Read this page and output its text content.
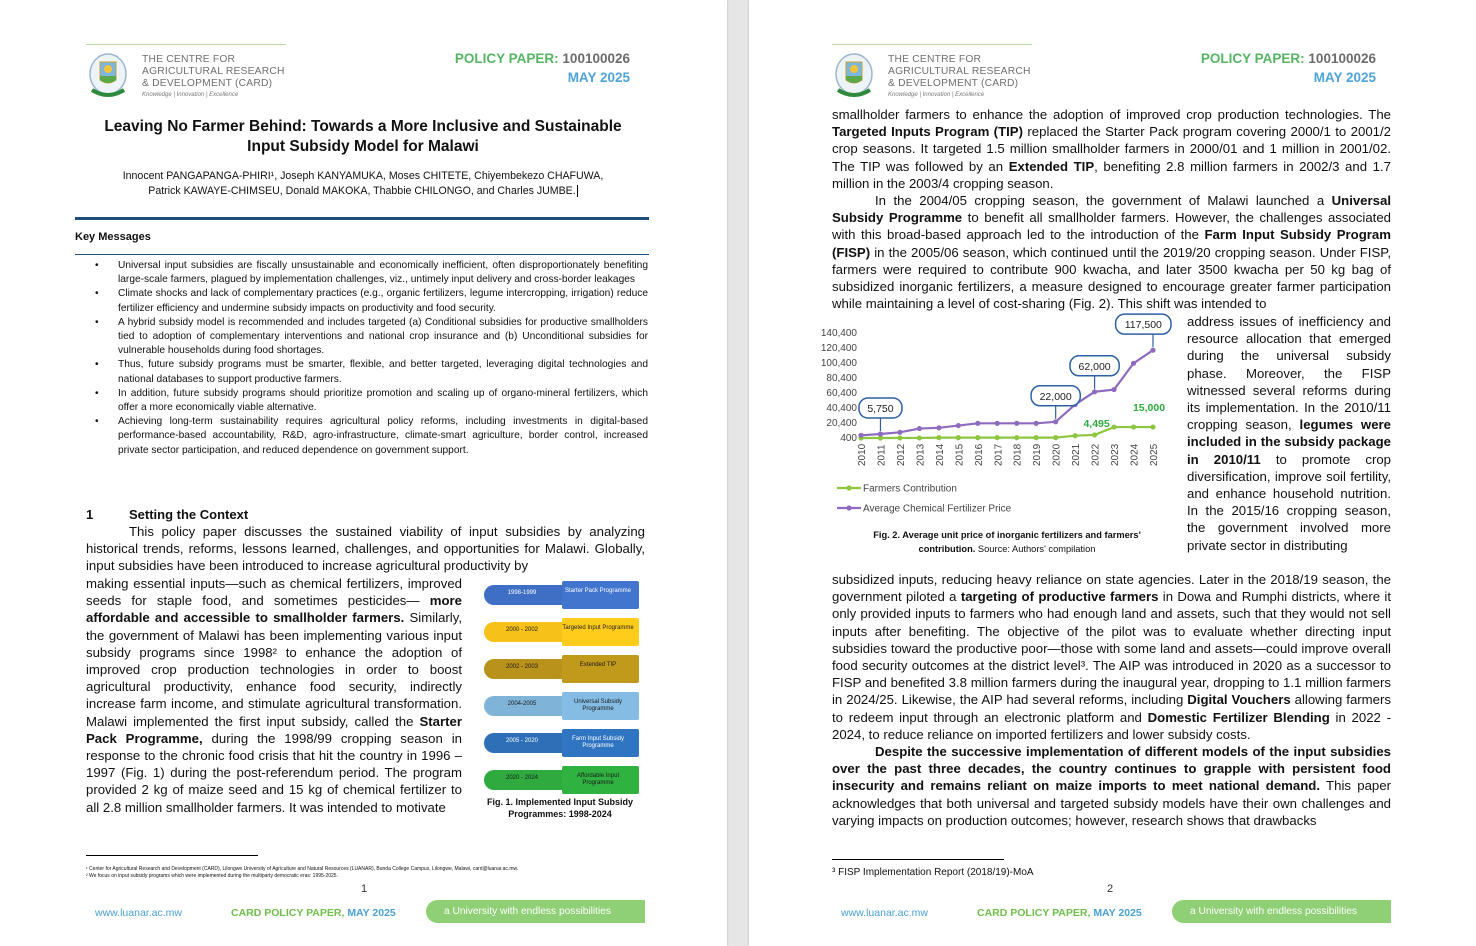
THE CENTRE FOR
AGRICULTURAL RESEARCH
& DEVELOPMENT (CARD)
Knowledge | Innovation | Excellence
POLICY PAPER: 100100026
MAY 2025
Leaving No Farmer Behind: Towards a More Inclusive and Sustainable
Input Subsidy Model for Malawi
Innocent PANGAPANGA-PHIRI¹, Joseph KANYAMUKA, Moses CHITETE, Chiyembekezo CHAFUWA,
Patrick KAWAYE-CHIMSEU, Donald MAKOKA, Thabbie CHILONGO, and Charles JUMBE.
Key Messages
•	Universal input subsidies are fiscally unsustainable and economically inefficient, often disproportionately benefiting large-scale farmers, plagued by implementation challenges, viz., untimely input delivery and cross-border leakages
•	Climate shocks and lack of complementary practices (e.g., organic fertilizers, legume intercropping, irrigation) reduce fertilizer efficiency and undermine subsidy impacts on productivity and food security.
•	A hybrid subsidy model is recommended and includes targeted (a) Conditional subsidies for productive smallholders tied to adoption of complementary interventions and national crop insurance and (b) Unconditional subsidies for vulnerable households during food shortages.
•	Thus, future subsidy programs must be smarter, flexible, and better targeted, leveraging digital technologies and national databases to support productive farmers.
•	In addition, future subsidy programs should prioritize promotion and scaling up of organo-mineral fertilizers, which offer a more economically viable alternative.
•	Achieving long-term sustainability requires agricultural policy reforms, including investments in digital-based performance-based accountability, R&D, agro-infrastructure, climate-smart agriculture, border control, increased private sector participation, and reduced dependence on government support.
1	Setting the Context
This policy paper discusses the sustained viability of input subsidies by analyzing historical trends, reforms, lessons learned, challenges, and opportunities for Malawi. Globally, input subsidies have been introduced to increase agricultural productivity by
making essential inputs—such as chemical fertilizers, improved seeds for staple food, and sometimes pesticides— more affordable and accessible to smallholder farmers. Similarly, the government of Malawi has been implementing various input subsidy programs since 1998² to enhance the adoption of improved crop production technologies in order to boost agricultural productivity, enhance food security, indirectly increase farm income, and stimulate agricultural transformation. Malawi implemented the first input subsidy, called the Starter Pack Programme, during the 1998/99 cropping season in response to the chronic food crisis that hit the country in 1996 – 1997 (Fig. 1) during the post-referendum period. The program provided 2 kg of maize seed and 15 kg of chemical fertilizer to all 2.8 million smallholder farmers. It was intended to motivate
1998-1999	Starter Pack Programme
2000 - 2002	Targeted Input Programme
2002 - 2003	Extended TIP
2004-2005	Universal Subsidy Programme
2005 - 2020	Farm Input Subsidy Programme
2020 - 2024	Affordable Input Programme
Fig. 1. Implemented Input Subsidy
Programmes: 1998-2024
¹ Center for Agricultural Research and Development (CARD), Lilongwe University of Agriculture and Natural Resources (LUANAR), Bunda College Campus, Lilongwe, Malawi, card@luanar.ac.mw.
² We focus on input subsidy programs which were implemented during the multiparty democratic eras: 1995-2025.
1
www.luanar.ac.mw	CARD POLICY PAPER, MAY 2025	a University with endless possibilities
THE CENTRE FOR
AGRICULTURAL RESEARCH
& DEVELOPMENT (CARD)
Knowledge | Innovation | Excellence
POLICY PAPER: 100100026
MAY 2025
smallholder farmers to enhance the adoption of improved crop production technologies. The Targeted Inputs Program (TIP) replaced the Starter Pack program covering 2000/1 to 2001/2 crop seasons. It targeted 1.5 million smallholder farmers in 2000/01 and 1 million in 2001/02. The TIP was followed by an Extended TIP, benefiting 2.8 million farmers in 2002/3 and 1.7 million in the 2003/4 cropping season.
In the 2004/05 cropping season, the government of Malawi launched a Universal Subsidy Programme to benefit all smallholder farmers. However, the challenges associated with this broad-based approach led to the introduction of the Farm Input Subsidy Program (FISP) in the 2005/06 season, which continued until the 2019/20 cropping season. Under FISP, farmers were required to contribute 900 kwacha, and later 3500 kwacha per 50 kg bag of subsidized inorganic fertilizers, a measure designed to encourage greater farmer participation while maintaining a level of cost-sharing (Fig. 2). This shift was intended to
400
20,400
40,400
60,400
80,400
100,400
120,400
140,400
2010 2011 2012 2013 2014 2015 2016 2017 2018 2019 2020 2021 2022 2023 2024 2025
5,750
22,000
62,000
117,500
4,495
15,000
Farmers Contribution
Average Chemical Fertilizer Price
Fig. 2. Average unit price of inorganic fertilizers and farmers'
contribution. Source: Authors' compilation
address issues of inefficiency and resource allocation that emerged during the universal subsidy phase. Moreover, the FISP witnessed several reforms during its implementation. In the 2010/11 cropping season, legumes were included in the subsidy package in 2010/11 to promote crop diversification, improve soil fertility, and enhance household nutrition. In the 2015/16 cropping season, the government involved more private sector in distributing
subsidized inputs, reducing heavy reliance on state agencies. Later in the 2018/19 season, the government piloted a targeting of productive farmers in Dowa and Rumphi districts, where it only provided inputs to farmers who had enough land and assets, such that they would not sell inputs after benefiting. The objective of the pilot was to evaluate whether directing input subsidies toward the productive poor—those with some land and assets—could improve overall food security outcomes at the district level³. The AIP was introduced in 2020 as a successor to FISP and benefited 3.8 million farmers during the inaugural year, dropping to 1.1 million farmers in 2024/25. Likewise, the AIP had several reforms, including Digital Vouchers allowing farmers to redeem input through an electronic platform and Domestic Fertilizer Blending in 2022 - 2024, to reduce reliance on imported fertilizers and lower subsidy costs.
Despite the successive implementation of different models of the input subsidies over the past three decades, the country continues to grapple with persistent food insecurity and remains reliant on maize imports to meet national demand. This paper acknowledges that both universal and targeted subsidy models have their own challenges and varying impacts on production outcomes; however, research shows that drawbacks
³ FISP Implementation Report (2018/19)-MoA
2
www.luanar.ac.mw	CARD POLICY PAPER, MAY 2025	a University with endless possibilities
